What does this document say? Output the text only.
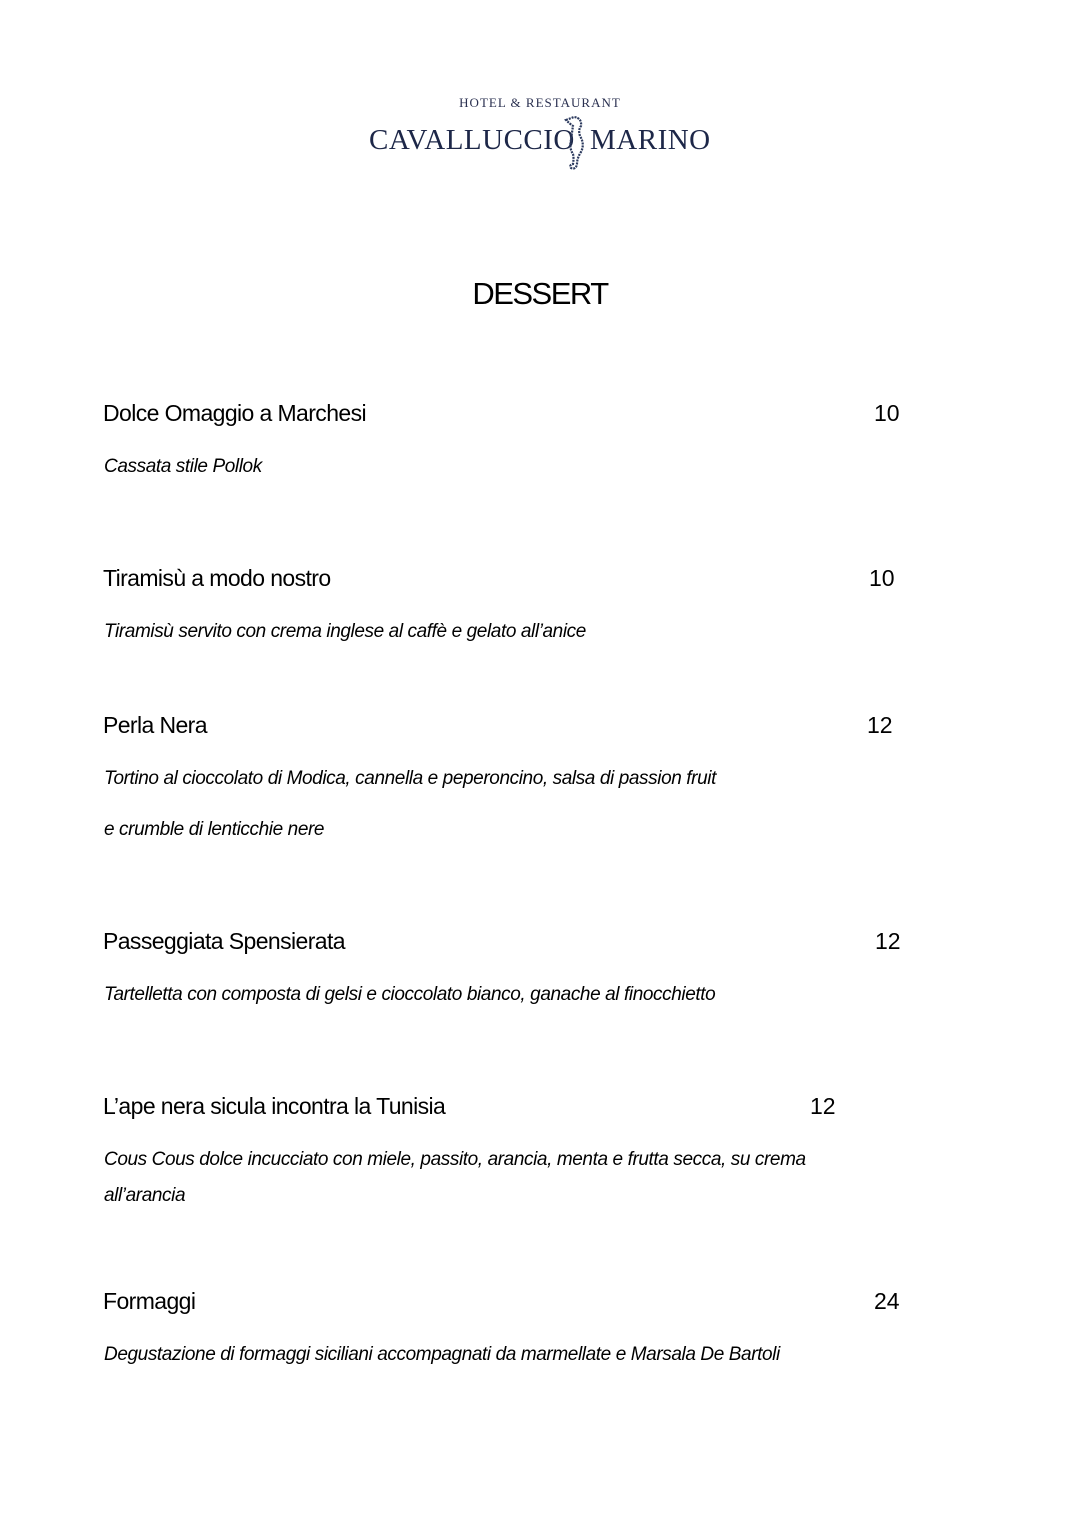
HOTEL & RESTAURANT
CAVALLUCCIO MARINO
DESSERT
Dolce Omaggio a Marchesi	10
Cassata stile Pollok
Tiramisù a modo nostro	10
Tiramisù servito con crema inglese al caffè e gelato all’anice
Perla Nera	12
Tortino al cioccolato di Modica, cannella e peperoncino, salsa di passion fruit
e crumble di lenticchie nere
Passeggiata Spensierata	12
Tartelletta con composta di gelsi e cioccolato bianco, ganache al finocchietto
L’ape nera sicula incontra la Tunisia	12
Cous Cous dolce incucciato con miele, passito, arancia, menta e frutta secca, su crema
all’arancia
Formaggi	24
Degustazione di formaggi siciliani accompagnati da marmellate e Marsala De Bartoli
